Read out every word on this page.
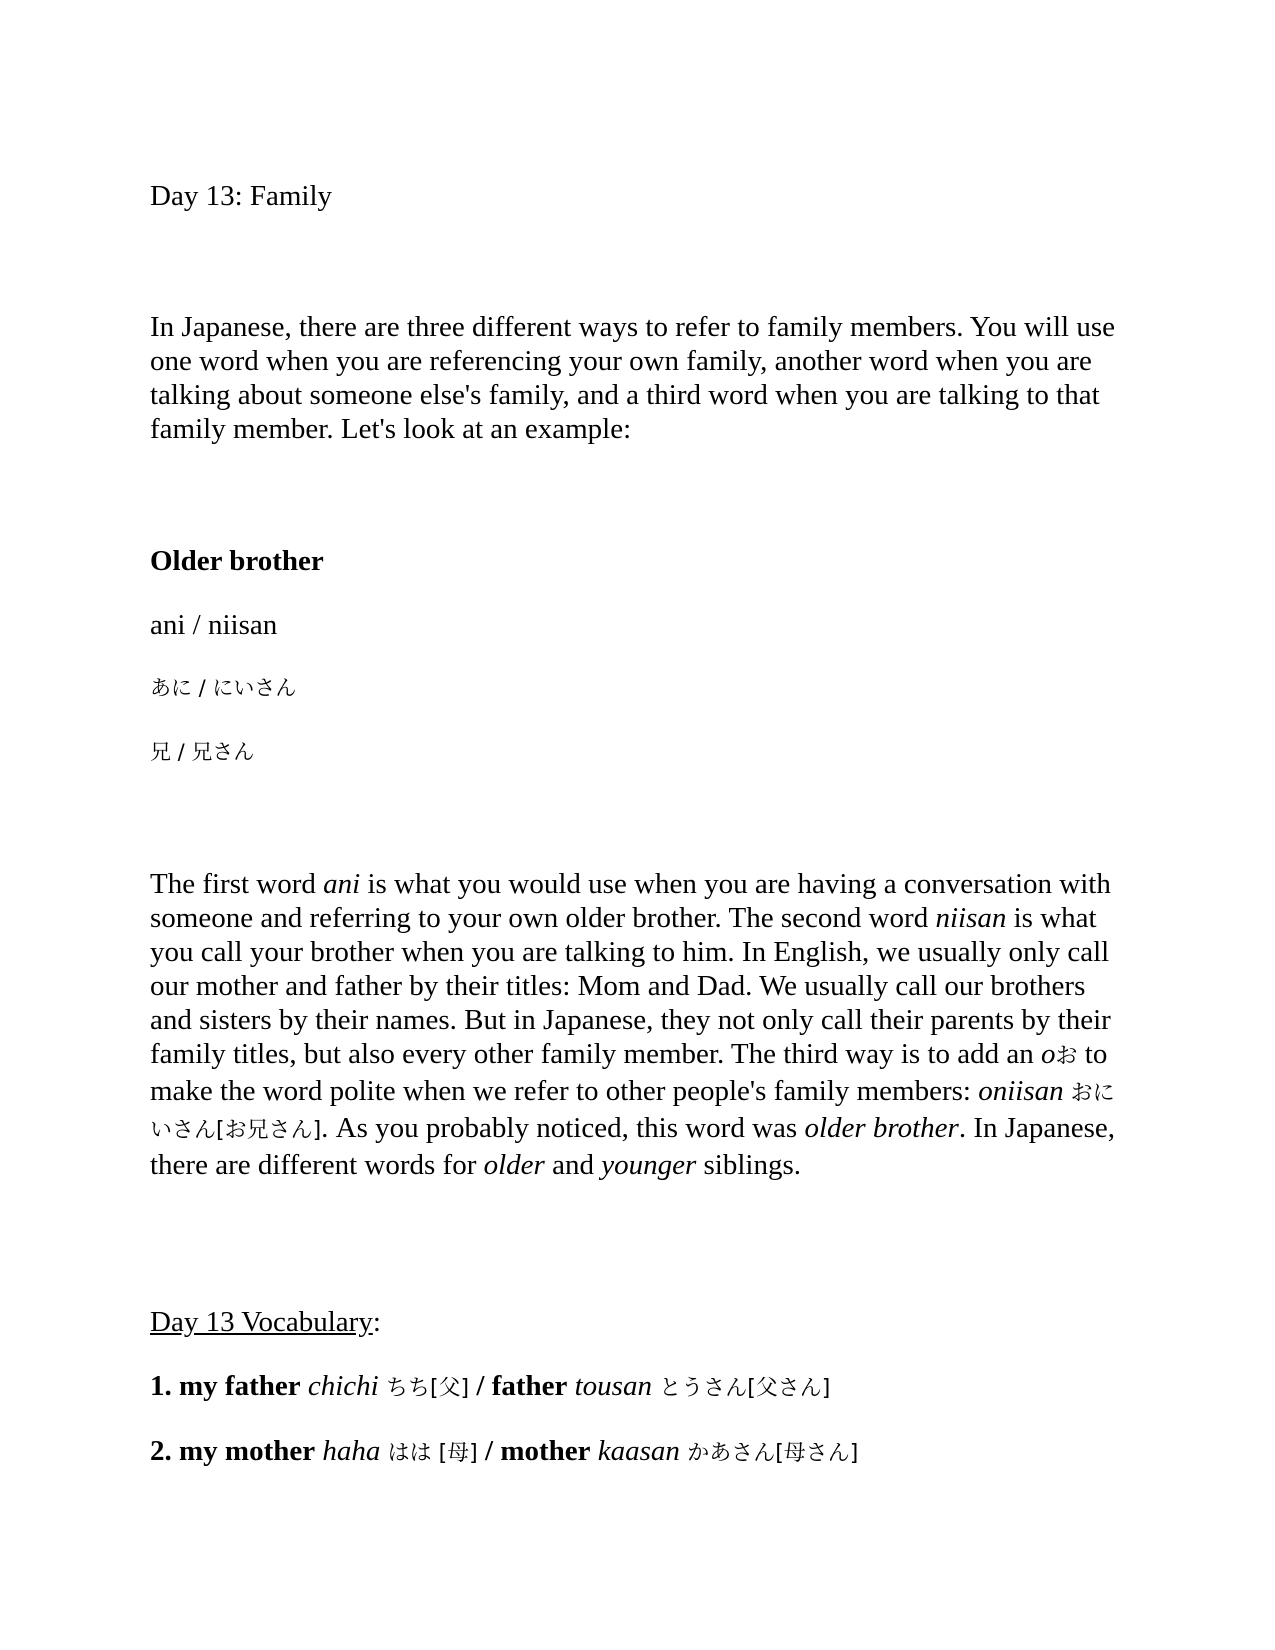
Day 13: Family

In Japanese, there are three different ways to refer to family members. You will use one word when you are referencing your own family, another word when you are talking about someone else's family, and a third word when you are talking to that family member. Let's look at an example:

Older brother

ani / niisan

あに / にいさん

兄 / 兄さん

The first word ani is what you would use when you are having a conversation with someone and referring to your own older brother. The second word niisan is what you call your brother when you are talking to him. In English, we usually only call our mother and father by their titles: Mom and Dad. We usually call our brothers and sisters by their names. But in Japanese, they not only call their parents by their family titles, but also every other family member. The third way is to add an oお to make the word polite when we refer to other people's family members: oniisan おにいさん[お兄さん]. As you probably noticed, this word was older brother. In Japanese, there are different words for older and younger siblings.

Day 13 Vocabulary:

1. my father chichi ちち[父] / father tousan とうさん[父さん]

2. my mother haha はは [母] / mother kaasan かあさん[母さん]
